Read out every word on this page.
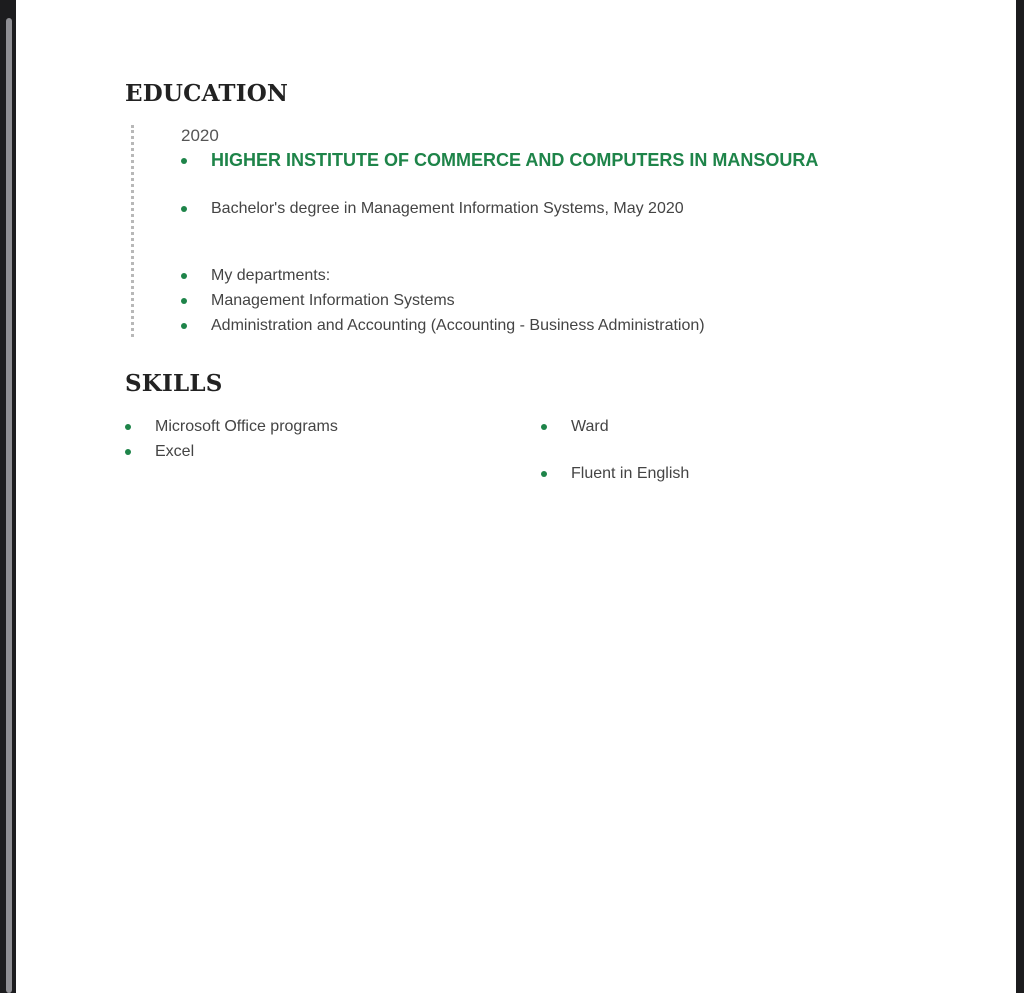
EDUCATION
2020
HIGHER INSTITUTE OF COMMERCE AND COMPUTERS IN MANSOURA
Bachelor's degree in Management Information Systems, May 2020
My departments:
Management Information Systems
Administration and Accounting (Accounting - Business Administration)
SKILLS
Microsoft Office programs
Excel
Ward
Fluent in English
